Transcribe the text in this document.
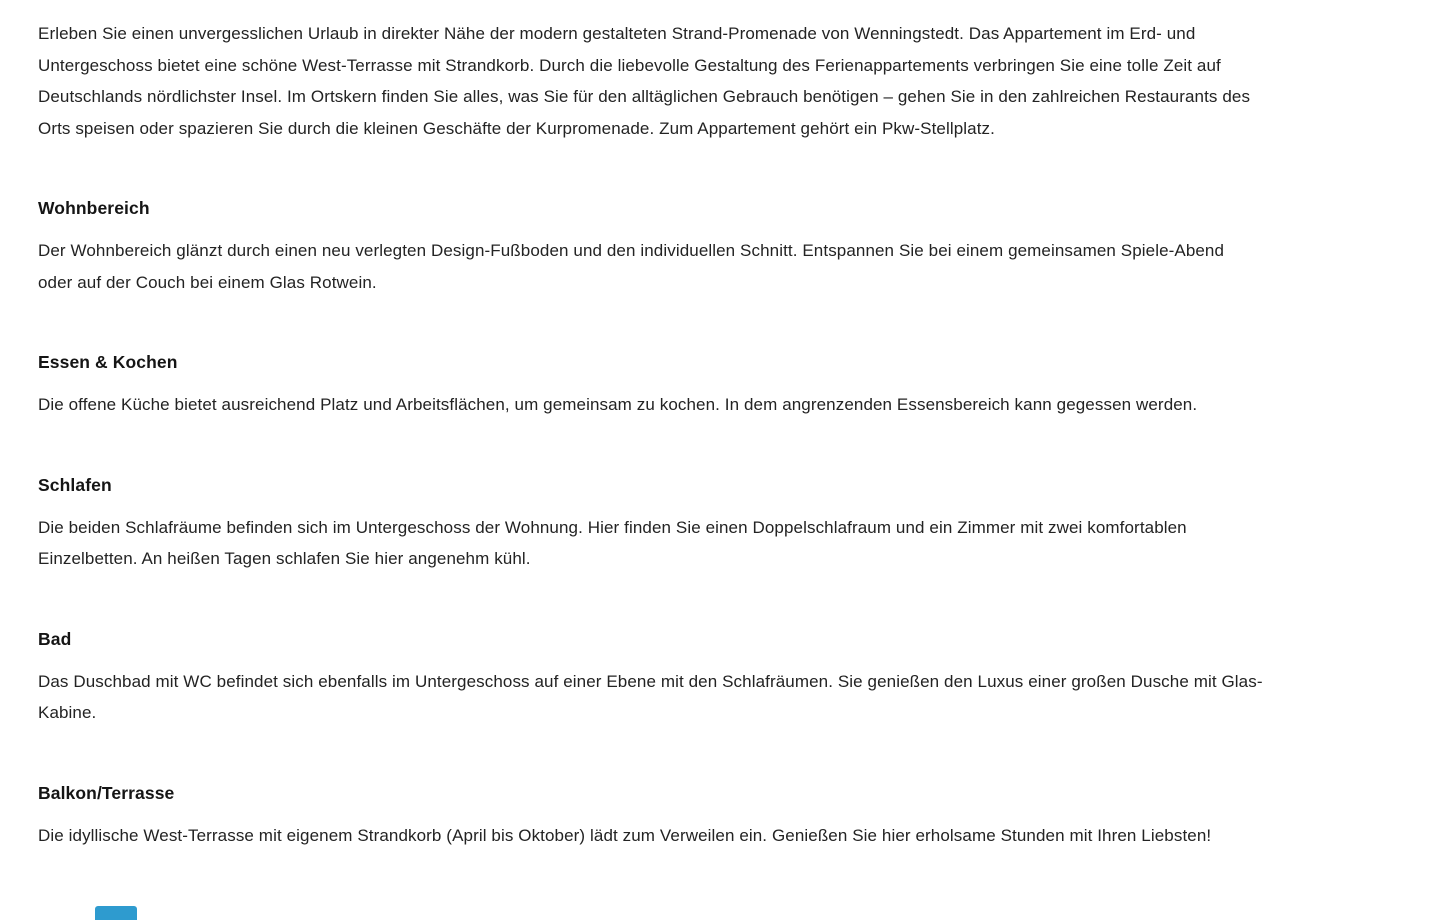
Erleben Sie einen unvergesslichen Urlaub in direkter Nähe der modern gestalteten Strand-Promenade von Wenningstedt. Das Appartement im Erd- und
Untergeschoss bietet eine schöne West-Terrasse mit Strandkorb. Durch die liebevolle Gestaltung des Ferienappartements verbringen Sie eine tolle Zeit auf
Deutschlands nördlichster Insel. Im Ortskern finden Sie alles, was Sie für den alltäglichen Gebrauch benötigen – gehen Sie in den zahlreichen Restaurants des
Orts speisen oder spazieren Sie durch die kleinen Geschäfte der Kurpromenade. Zum Appartement gehört ein Pkw-Stellplatz.

Wohnbereich

Der Wohnbereich glänzt durch einen neu verlegten Design-Fußboden und den individuellen Schnitt. Entspannen Sie bei einem gemeinsamen Spiele-Abend
oder auf der Couch bei einem Glas Rotwein.

Essen & Kochen

Die offene Küche bietet ausreichend Platz und Arbeitsflächen, um gemeinsam zu kochen. In dem angrenzenden Essensbereich kann gegessen werden.

Schlafen

Die beiden Schlafräume befinden sich im Untergeschoss der Wohnung. Hier finden Sie einen Doppelschlafraum und ein Zimmer mit zwei komfortablen
Einzelbetten. An heißen Tagen schlafen Sie hier angenehm kühl.

Bad

Das Duschbad mit WC befindet sich ebenfalls im Untergeschoss auf einer Ebene mit den Schlafräumen. Sie genießen den Luxus einer großen Dusche mit Glas-
Kabine.

Balkon/Terrasse

Die idyllische West-Terrasse mit eigenem Strandkorb (April bis Oktober) lädt zum Verweilen ein. Genießen Sie hier erholsame Stunden mit Ihren Liebsten!
